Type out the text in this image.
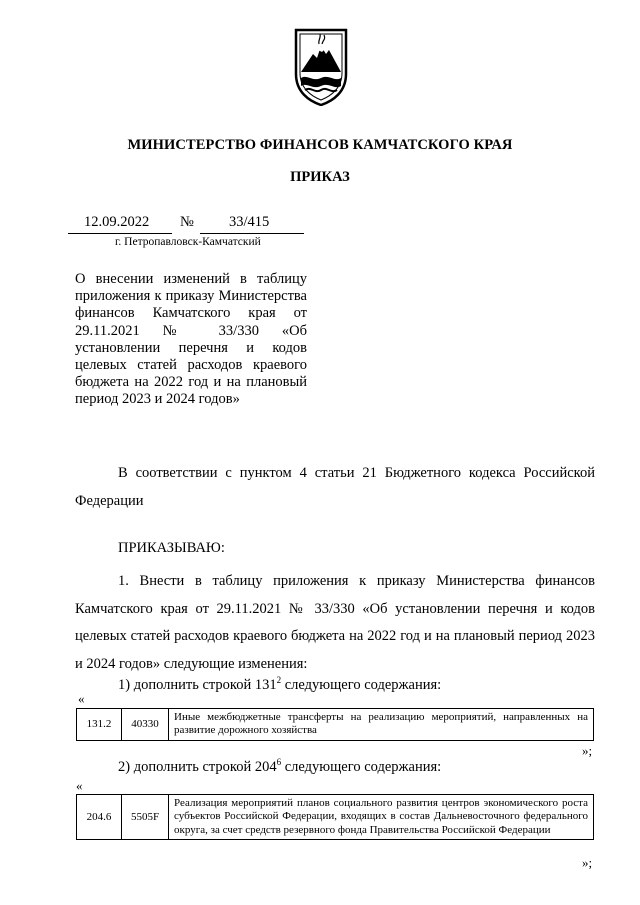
МИНИСТЕРСТВО ФИНАНСОВ КАМЧАТСКОГО КРАЯ
ПРИКАЗ
12.09.2022 № 33/415
г. Петропавловск-Камчатский
О внесении изменений в таблицу приложения к приказу Министерства финансов Камчатского края от 29.11.2021 № 33/330 «Об установлении перечня и кодов целевых статей расходов краевого бюджета на 2022 год и на плановый период 2023 и 2024 годов»
В соответствии с пунктом 4 статьи 21 Бюджетного кодекса Российской Федерации
ПРИКАЗЫВАЮ:
1. Внести в таблицу приложения к приказу Министерства финансов Камчатского края от 29.11.2021 № 33/330 «Об установлении перечня и кодов целевых статей расходов краевого бюджета на 2022 год и на плановый период 2023 и 2024 годов» следующие изменения:
1) дополнить строкой $131^2$ следующего содержания:
«
131.2	40330	Иные межбюджетные трансферты на реализацию мероприятий, направленных на развитие дорожного хозяйства
»;
2) дополнить строкой $204^6$ следующего содержания:
«
204.6	5505F	Реализация мероприятий планов социального развития центров экономического роста субъектов Российской Федерации, входящих в состав Дальневосточного федерального округа, за счет средств резервного фонда Правительства Российской Федерации
»;
